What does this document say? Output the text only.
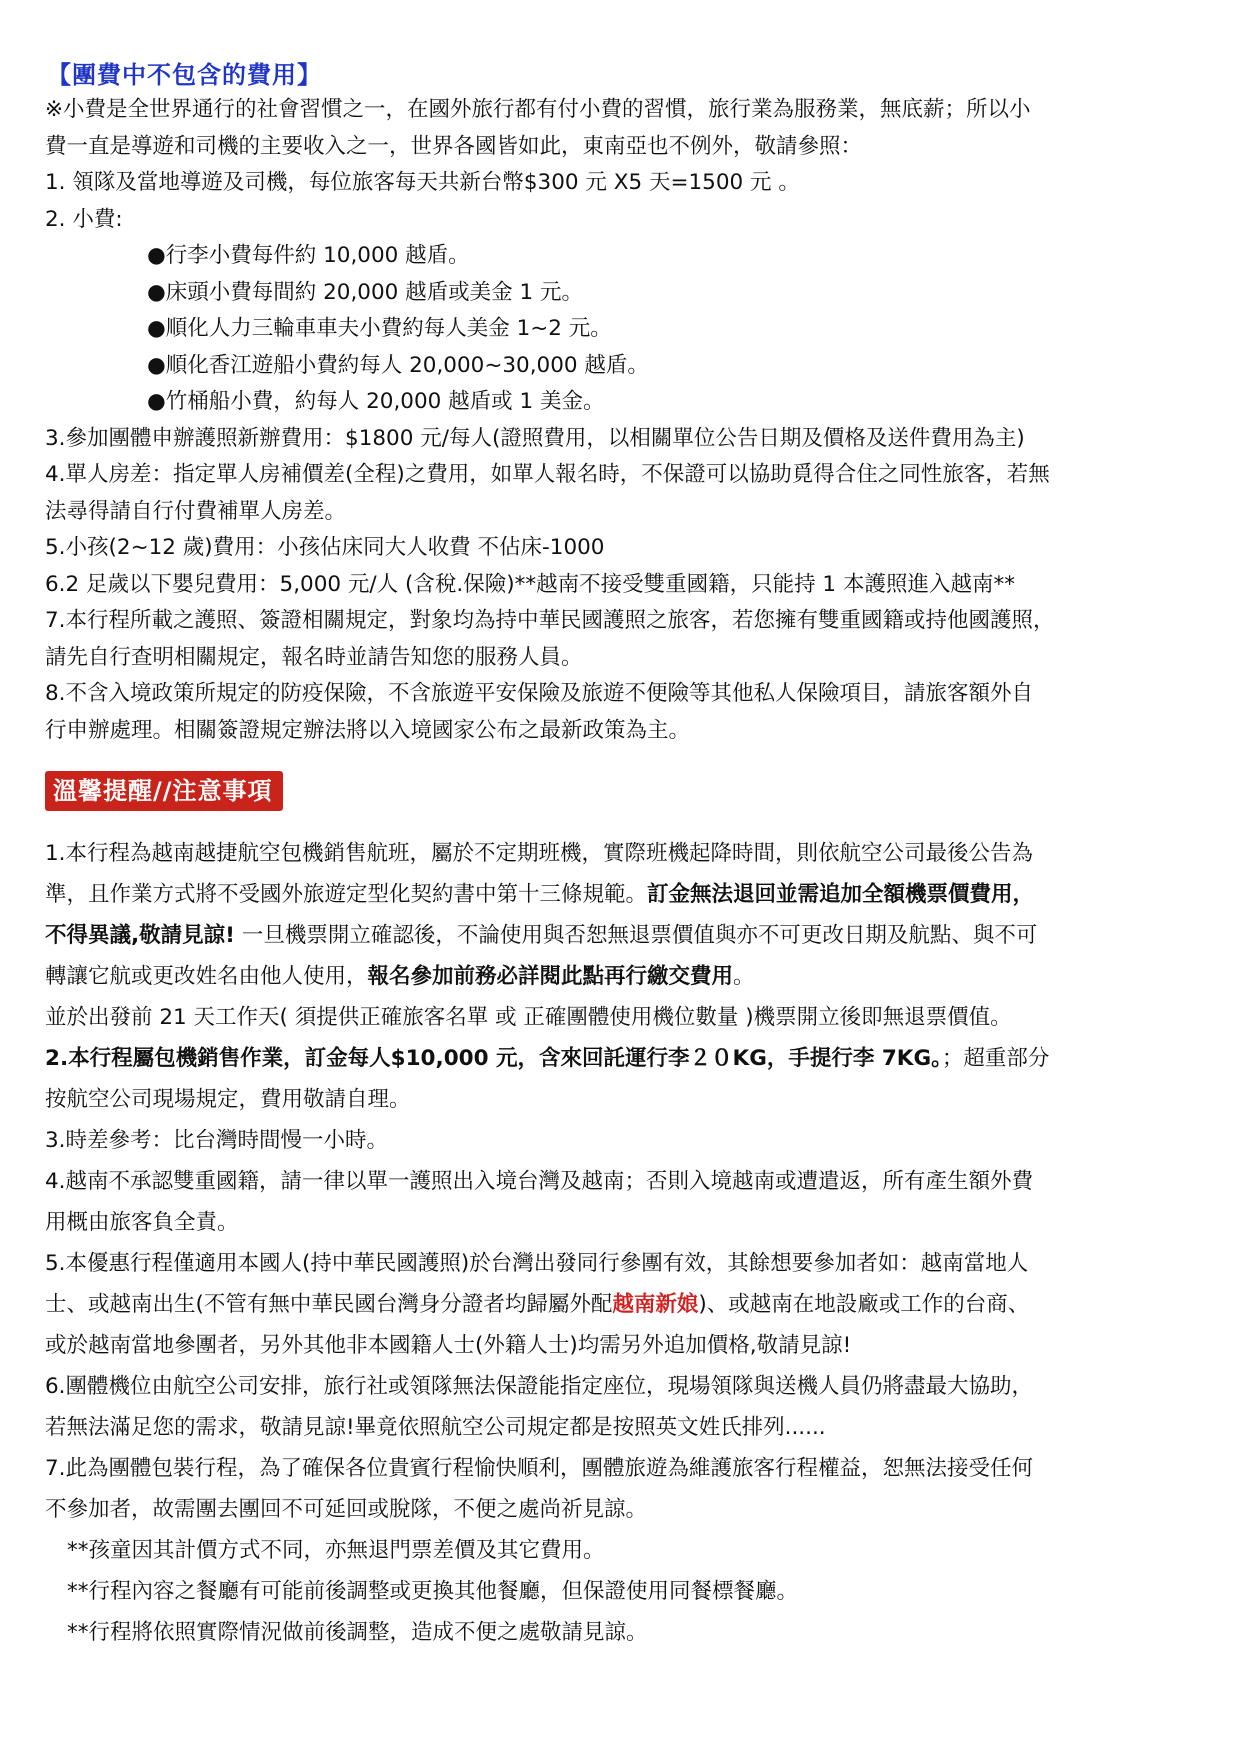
【團費中不包含的費用】

※小費是全世界通行的社會習慣之一，在國外旅行都有付小費的習慣，旅行業為服務業，無底薪；所以小

費一直是導遊和司機的主要收入之一，世界各國皆如此，東南亞也不例外，敬請參照：

1. 領隊及當地導遊及司機，每位旅客每天共新台幣$300 元 X5 天=1500 元 。

2. 小費:

●行李小費每件約 10,000 越盾。

●床頭小費每間約 20,000 越盾或美金 1 元。

●順化人力三輪車車夫小費約每人美金 1~2 元。

●順化香江遊船小費約每人 20,000~30,000 越盾。

●竹桶船小費，約每人 20,000 越盾或 1 美金。

3.參加團體申辦護照新辦費用：$1800 元/每人(證照費用，以相關單位公告日期及價格及送件費用為主)

4.單人房差：指定單人房補價差(全程)之費用，如單人報名時，不保證可以協助覓得合住之同性旅客，若無

法尋得請自行付費補單人房差。

5.小孩(2~12 歲)費用：小孩佔床同大人收費 不佔床-1000

6.2 足歲以下嬰兒費用：5,000 元/人 (含稅.保險)**越南不接受雙重國籍，只能持 1 本護照進入越南**

7.本行程所載之護照、簽證相關規定，對象均為持中華民國護照之旅客，若您擁有雙重國籍或持他國護照，

請先自行查明相關規定，報名時並請告知您的服務人員。

8.不含入境政策所規定的防疫保險，不含旅遊平安保險及旅遊不便險等其他私人保險項目，請旅客額外自

行申辦處理。相關簽證規定辦法將以入境國家公布之最新政策為主。

溫馨提醒//注意事項

1.本行程為越南越捷航空包機銷售航班，屬於不定期班機，實際班機起降時間，則依航空公司最後公告為

準，且作業方式將不受國外旅遊定型化契約書中第十三條規範。訂金無法退回並需追加全額機票價費用，

不得異議,敬請見諒! 一旦機票開立確認後，不論使用與否恕無退票價值與亦不可更改日期及航點、與不可

轉讓它航或更改姓名由他人使用，報名參加前務必詳閱此點再行繳交費用。

並於出發前 21 天工作天( 須提供正確旅客名單 或 正確團體使用機位數量 )機票開立後即無退票價值。

2.本行程屬包機銷售作業，訂金每人$10,000 元，含來回託運行李２０KG，手提行李 7KG。；超重部分

按航空公司現場規定，費用敬請自理。

3.時差參考：比台灣時間慢一小時。

4.越南不承認雙重國籍，請一律以單一護照出入境台灣及越南；否則入境越南或遭遣返，所有產生額外費

用概由旅客負全責。

5.本優惠行程僅適用本國人(持中華民國護照)於台灣出發同行參團有效，其餘想要參加者如：越南當地人

士、或越南出生(不管有無中華民國台灣身分證者均歸屬外配越南新娘)、或越南在地設廠或工作的台商、

或於越南當地參團者，另外其他非本國籍人士(外籍人士)均需另外追加價格,敬請見諒!

6.團體機位由航空公司安排，旅行社或領隊無法保證能指定座位，現場領隊與送機人員仍將盡最大協助，

若無法滿足您的需求，敬請見諒!畢竟依照航空公司規定都是按照英文姓氏排列......

7.此為團體包裝行程，為了確保各位貴賓行程愉快順利，團體旅遊為維護旅客行程權益，恕無法接受任何

不參加者，故需團去團回不可延回或脫隊，不便之處尚祈見諒。

**孩童因其計價方式不同，亦無退門票差價及其它費用。

**行程內容之餐廳有可能前後調整或更換其他餐廳，但保證使用同餐標餐廳。

**行程將依照實際情況做前後調整，造成不便之處敬請見諒。
